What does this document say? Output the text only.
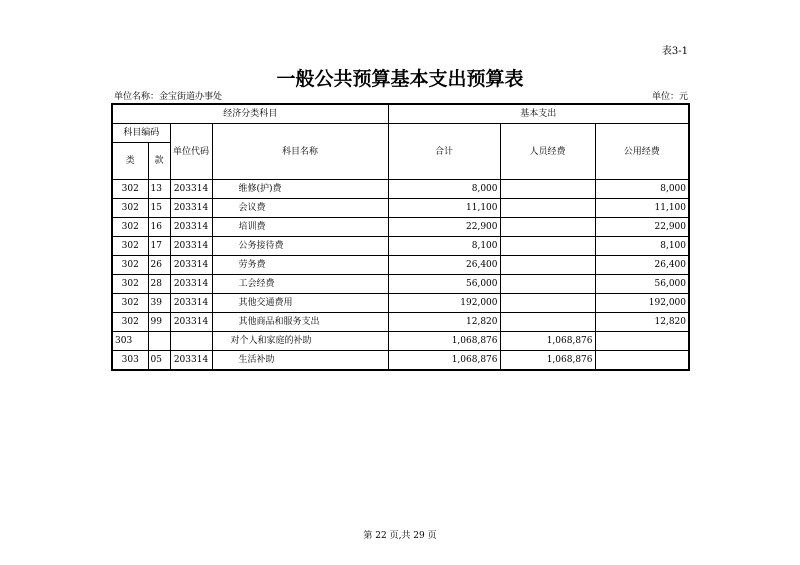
表3-1
一般公共预算基本支出预算表
单位名称：金宝街道办事处	单位：元
经济分类科目				基本支出		
科目编码		单位代码	科目名称	合计	人员经费	公用经费
类	款					
302	13	203314	维修(护)费	8,000		8,000
302	15	203314	会议费	11,100		11,100
302	16	203314	培训费	22,900		22,900
302	17	203314	公务接待费	8,100		8,100
302	26	203314	劳务费	26,400		26,400
302	28	203314	工会经费	56,000		56,000
302	39	203314	其他交通费用	192,000		192,000
302	99	203314	其他商品和服务支出	12,820		12,820
303			对个人和家庭的补助	1,068,876	1,068,876	
303	05	203314	生活补助	1,068,876	1,068,876	
第 22 页,共 29 页
